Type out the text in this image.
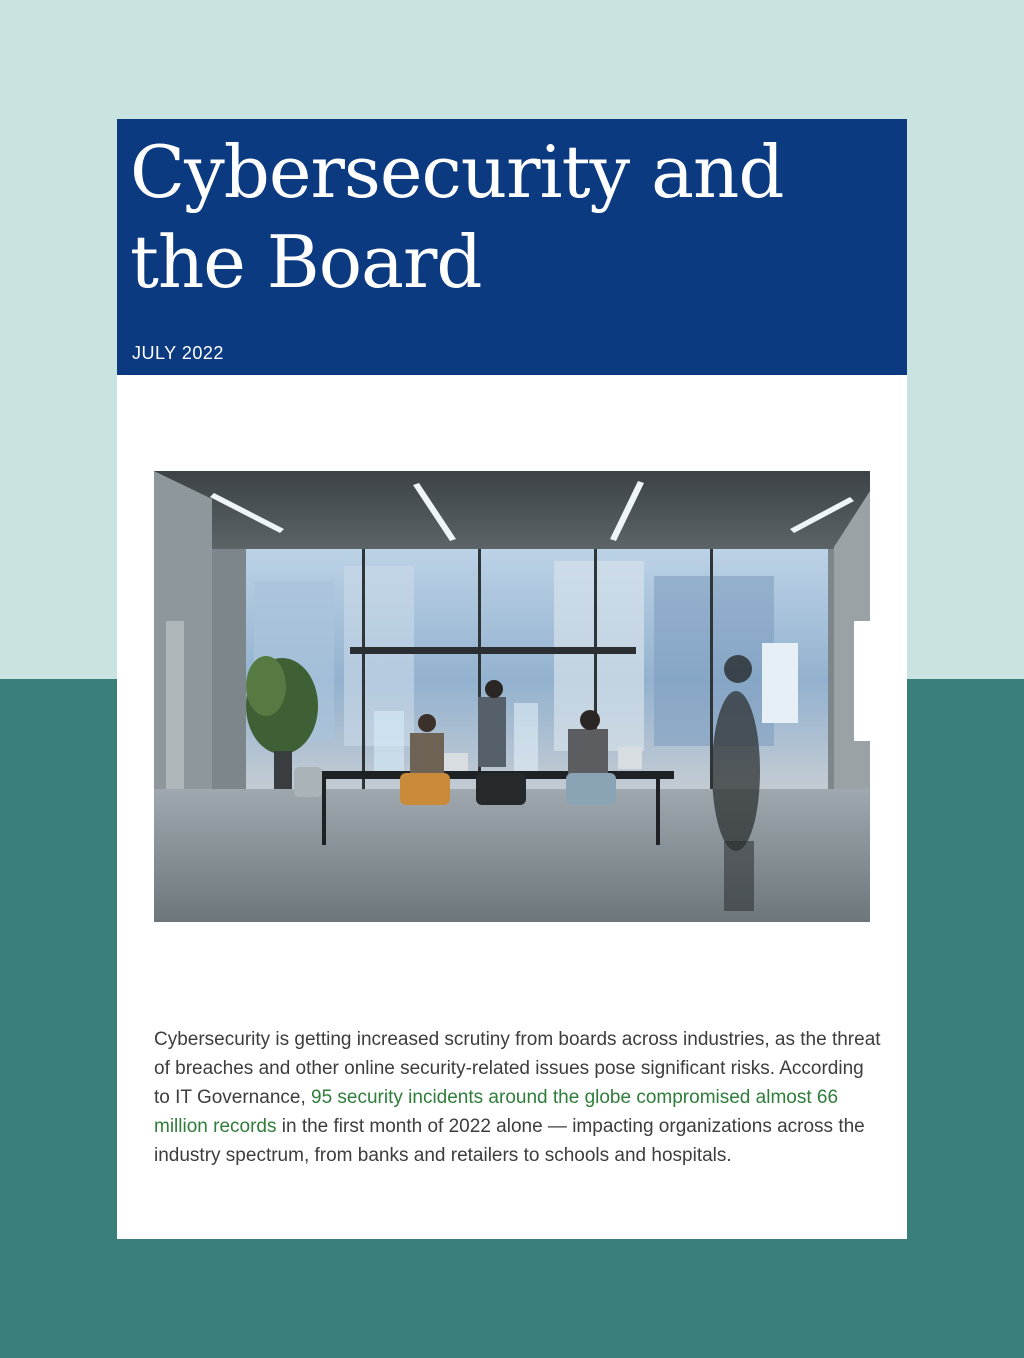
Cybersecurity and the Board
JULY 2022

Cybersecurity is getting increased scrutiny from boards across industries, as the threat of breaches and other online security-related issues pose significant risks. According to IT Governance, 95 security incidents around the globe compromised almost 66 million records in the first month of 2022 alone — impacting organizations across the industry spectrum, from banks and retailers to schools and hospitals.
